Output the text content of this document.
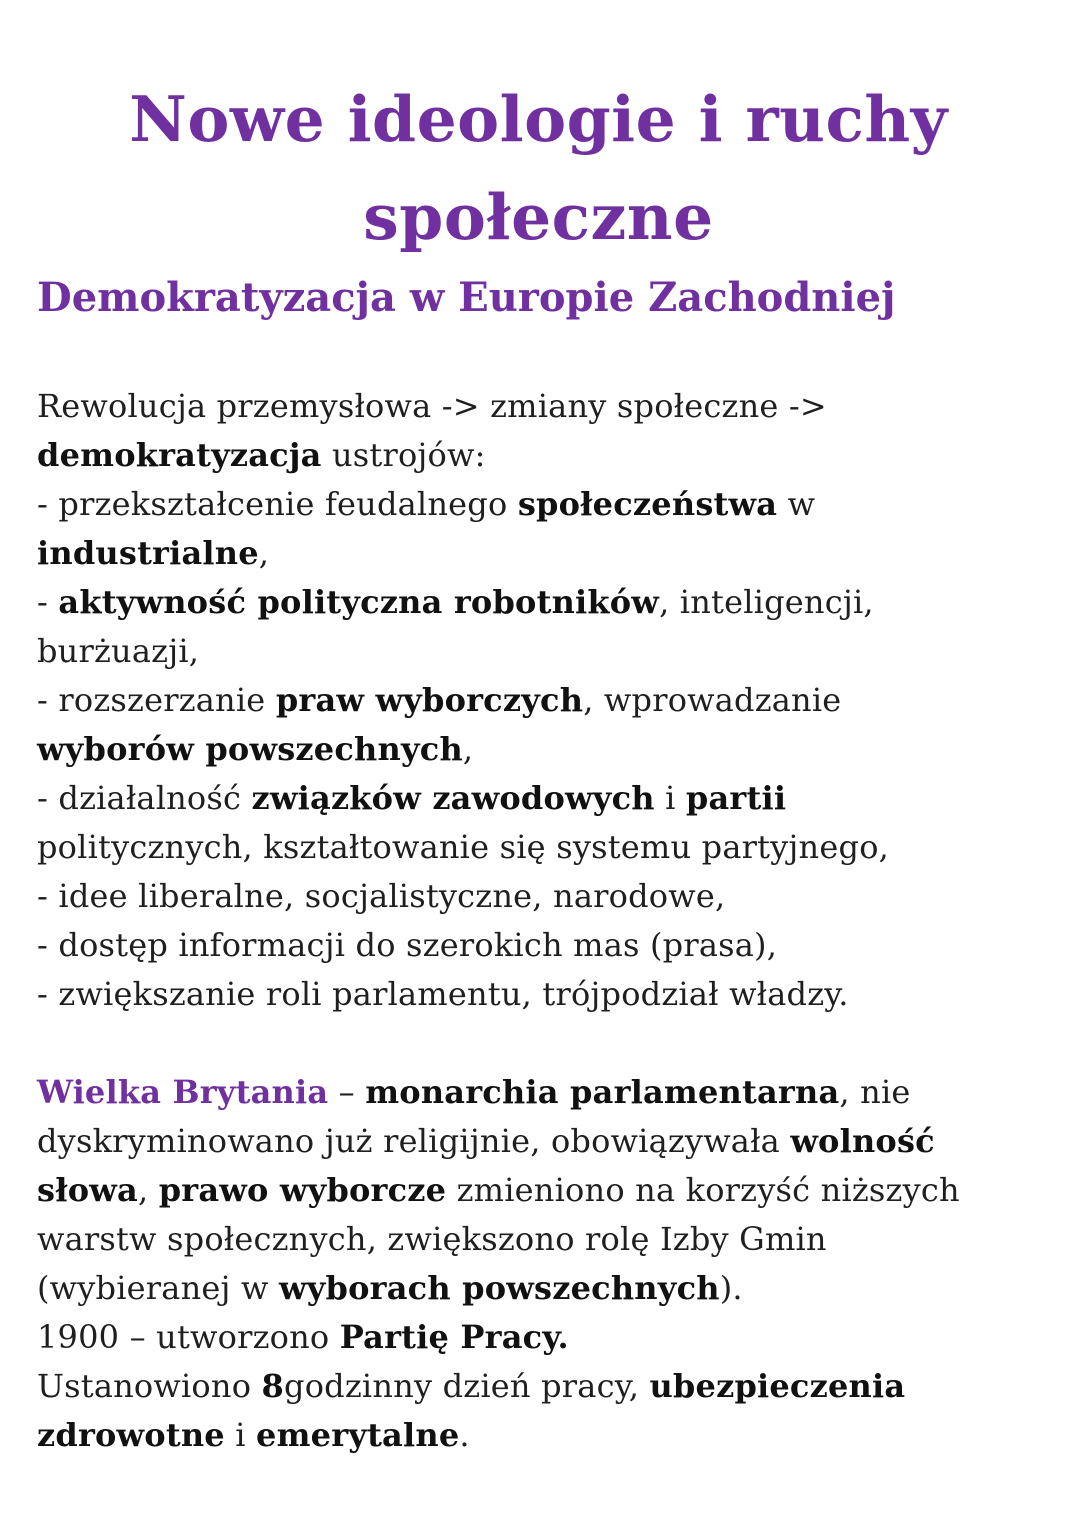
Nowe ideologie i ruchy
społeczne
Demokratyzacja w Europie Zachodniej

Rewolucja przemysłowa -> zmiany społeczne ->
demokratyzacja ustrojów:
- przekształcenie feudalnego społeczeństwa w
industrialne,
- aktywność polityczna robotników, inteligencji,
burżuazji,
- rozszerzanie praw wyborczych, wprowadzanie
wyborów powszechnych,
- działalność związków zawodowych i partii
politycznych, kształtowanie się systemu partyjnego,
- idee liberalne, socjalistyczne, narodowe,
- dostęp informacji do szerokich mas (prasa),
- zwiększanie roli parlamentu, trójpodział władzy.

Wielka Brytania – monarchia parlamentarna, nie
dyskryminowano już religijnie, obowiązywała wolność
słowa, prawo wyborcze zmieniono na korzyść niższych
warstw społecznych, zwiększono rolę Izby Gmin
(wybieranej w wyborach powszechnych).
1900 – utworzono Partię Pracy.
Ustanowiono 8godzinny dzień pracy, ubezpieczenia
zdrowotne i emerytalne.
